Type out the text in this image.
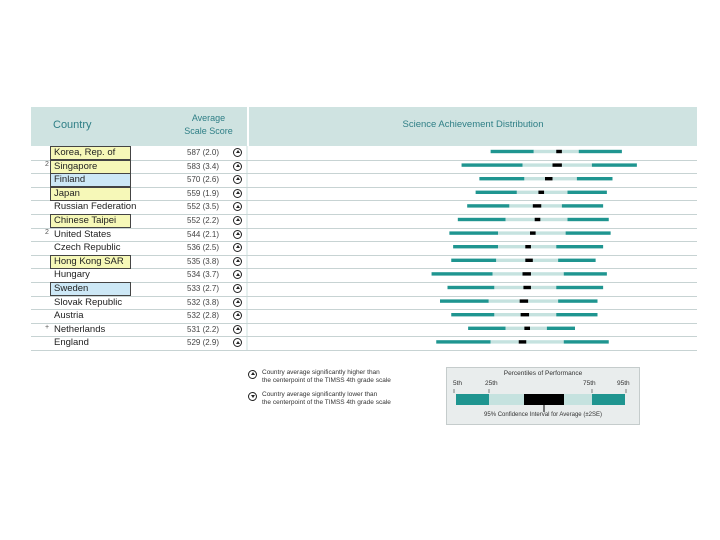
Country
Average
Scale Score
Science Achievement Distribution
Korea, Rep. of	587 (2.0)
2 Singapore	583 (3.4)
Finland	570 (2.6)
Japan	559 (1.9)
Russian Federation	552 (3.5)
Chinese Taipei	552 (2.2)
2 United States	544 (2.1)
Czech Republic	536 (2.5)
Hong Kong SAR	535 (3.8)
Hungary	534 (3.7)
Sweden	533 (2.7)
Slovak Republic	532 (3.8)
Austria	532 (2.8)
+ Netherlands	531 (2.2)
England	529 (2.9)
Country average significantly higher than
the centerpoint of the TIMSS 4th grade scale
Country average significantly lower than
the centerpoint of the TIMSS 4th grade scale
Percentiles of Performance
5th	25th	75th	95th
95% Confidence Interval for Average (±2SE)
